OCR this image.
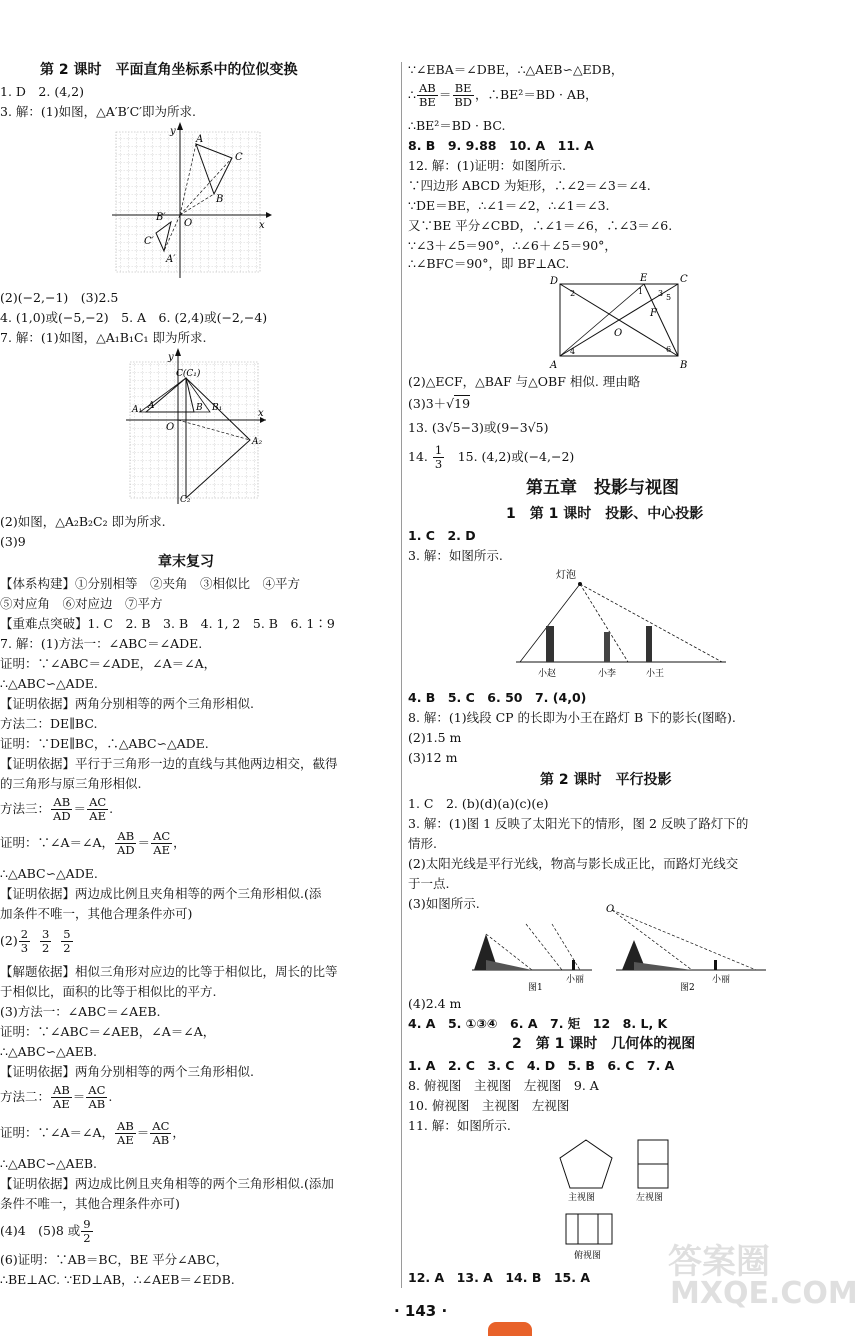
第 2 课时　平面直角坐标系中的位似变换
1. D　2. (4,2)
3. 解：(1)如图，△A′B′C′即为所求.
x
y
O
A
C
B
B′
C′
A′
(2)(−2,−1)　(3)2.5
4. (1,0)或(−5,−2)　5. A　6. (2,4)或(−2,−4)
7. 解：(1)如图，△A₁B₁C₁ 即为所求.
x
y
O
C(C₁)
A₁ A	B B₁
A₂
C₂
(2)如图，△A₂B₂C₂ 即为所求.
(3)9
章末复习
【体系构建】①分别相等　②夹角　③相似比　④平方
⑤对应角　⑥对应边　⑦平方
【重难点突破】1. C　2. B　3. B　4. 1, 2　5. B　6. 1∶9
7. 解：(1)方法一：∠ABC＝∠ADE.
证明：∵∠ABC＝∠ADE，∠A＝∠A，
∴△ABC∽△ADE.
【证明依据】两角分别相等的两个三角形相似.
方法二：DE∥BC.
证明：∵DE∥BC，∴△ABC∽△ADE.
【证明依据】平行于三角形一边的直线与其他两边相交，截得
的三角形与原三角形相似.
方法三： $\frac{AB}{AD} = \frac{AC}{AE}$ .
证明：∵∠A＝∠A， $\frac{AB}{AD} = \frac{AC}{AE}$ ，
∴△ABC∽△ADE.
【证明依据】两边成比例且夹角相等的两个三角形相似.(添
加条件不唯一，其他合理条件亦可)
$(2) \frac{2}{3}$
$\frac{3}{2}$
$\frac{5}{2}$
【解题依据】相似三角形对应边的比等于相似比，周长的比等
于相似比，面积的比等于相似比的平方.
(3)方法一：∠ABC＝∠AEB.
证明：∵∠ABC＝∠AEB，∠A＝∠A，
∴△ABC∽△AEB.
【证明依据】两角分别相等的两个三角形相似.
方法二： $\frac{AB}{AE} = \frac{AC}{AB}$ .
证明：∵∠A＝∠A， $\frac{AB}{AE} = \frac{AC}{AB}$ ，
∴△ABC∽△AEB.
【证明依据】两边成比例且夹角相等的两个三角形相似.(添加
条件不唯一，其他合理条件亦可)
(4)4　(5)8 或 $\frac{9}{2}$
(6)证明：∵AB＝BC，BE 平分∠ABC，
∴BE⊥AC. ∵ED⊥AB，∴∠AEB＝∠EDB.
∵∠EBA＝∠DBE，∴△AEB∽△EDB，
∴ $\frac{AB}{BE} = \frac{BE}{BD}$ ，∴BE²＝BD · AB，
∴BE²＝BD · BC.
8. B　9. 9.88　10. A　11. A
12. 解：(1)证明：如图所示.
∵四边形 ABCD 为矩形，∴∠2＝∠3＝∠4.
∵DE＝BE，∴∠1＝∠2，∴∠1＝∠3.
又∵BE 平分∠CBD，∴∠1＝∠6，∴∠3＝∠6.
∵∠3＋∠5＝90°，∴∠6＋∠5＝90°，
∴∠BFC＝90°，即 BF⊥AC.
D	E	C
A	B
O
F
2	1 3 5
4	6
(2)△ECF，△BAF 与△OBF 相似. 理由略
(3)3＋√19
13. (3√5−3)或(9−3√5)
14. $\frac{1}{3}$ 　15. (4,2)或(−4,−2)
第五章　投影与视图
1　第 1 课时　投影、中心投影
1. C　2. D
3. 解：如图所示.
灯泡
小赵	小李	小王
4. B　5. C　6. 50　7. (4,0)
8. 解：(1)线段 CP 的长即为小王在路灯 B 下的影长(图略).
(2)1.5 m
(3)12 m
第 2 课时　平行投影
1. C　2. (b)(d)(a)(c)(e)
3. 解：(1)图 1 反映了太阳光下的情形，图 2 反映了路灯下的
情形.
(2)太阳光线是平行光线，物高与影长成正比，而路灯光线交
于一点.
(3)如图所示.
小丽
图1
O
小丽
图2
(4)2.4 m
4. A　5. ①③④　6. A　7. 矩　12　8. L, K
2　第 1 课时　几何体的视图
1. A　2. C　3. C　4. D　5. B　6. C　7. A
8. 俯视图　主视图　左视图　9. A
10. 俯视图　主视图　左视图
11. 解：如图所示.
主视图	左视图
俯视图
12. A　13. A　14. B　15. A
· 143 ·
答案圈
MXQE.COM
